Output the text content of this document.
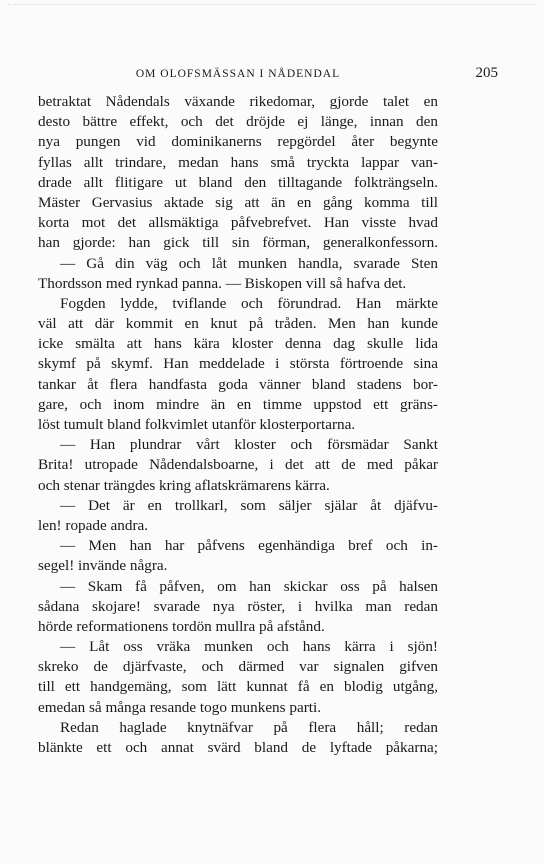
OM OLOFSMÄSSAN I NÅDENDAL	205
betraktat Nådendals växande rikedomar, gjorde talet en
desto bättre effekt, och det dröjde ej länge, innan den
nya pungen vid dominikanerns repgördel åter begynte
fyllas allt trindare, medan hans små tryckta lappar van-
drade allt flitigare ut bland den tilltagande folkträngseln.
Mäster Gervasius aktade sig att än en gång komma till
korta mot det allsmäktiga påfvebrefvet. Han visste hvad
han gjorde: han gick till sin förman, generalkonfessorn.
— Gå din väg och låt munken handla, svarade Sten
Thordsson med rynkad panna. — Biskopen vill så hafva det.
Fogden lydde, tviflande och förundrad. Han märkte
väl att där kommit en knut på tråden. Men han kunde
icke smälta att hans kära kloster denna dag skulle lida
skymf på skymf. Han meddelade i största förtroende sina
tankar åt flera handfasta goda vänner bland stadens bor-
gare, och inom mindre än en timme uppstod ett gräns-
löst tumult bland folkvimlet utanför klosterportarna.
— Han plundrar vårt kloster och försmädar Sankt
Brita! utropade Nådendalsboarne, i det att de med påkar
och stenar trängdes kring aflatskrämarens kärra.
— Det är en trollkarl, som säljer själar åt djäfvu-
len! ropade andra.
— Men han har påfvens egenhändiga bref och in-
segel! invände några.
— Skam få påfven, om han skickar oss på halsen
sådana skojare! svarade nya röster, i hvilka man redan
hörde reformationens tordön mullra på afstånd.
— Låt oss vräka munken och hans kärra i sjön!
skreko de djärfvaste, och därmed var signalen gifven
till ett handgemäng, som lätt kunnat få en blodig utgång,
emedan så många resande togo munkens parti.
Redan haglade knytnäfvar på flera håll; redan
blänkte ett och annat svärd bland de lyftade påkarna;
